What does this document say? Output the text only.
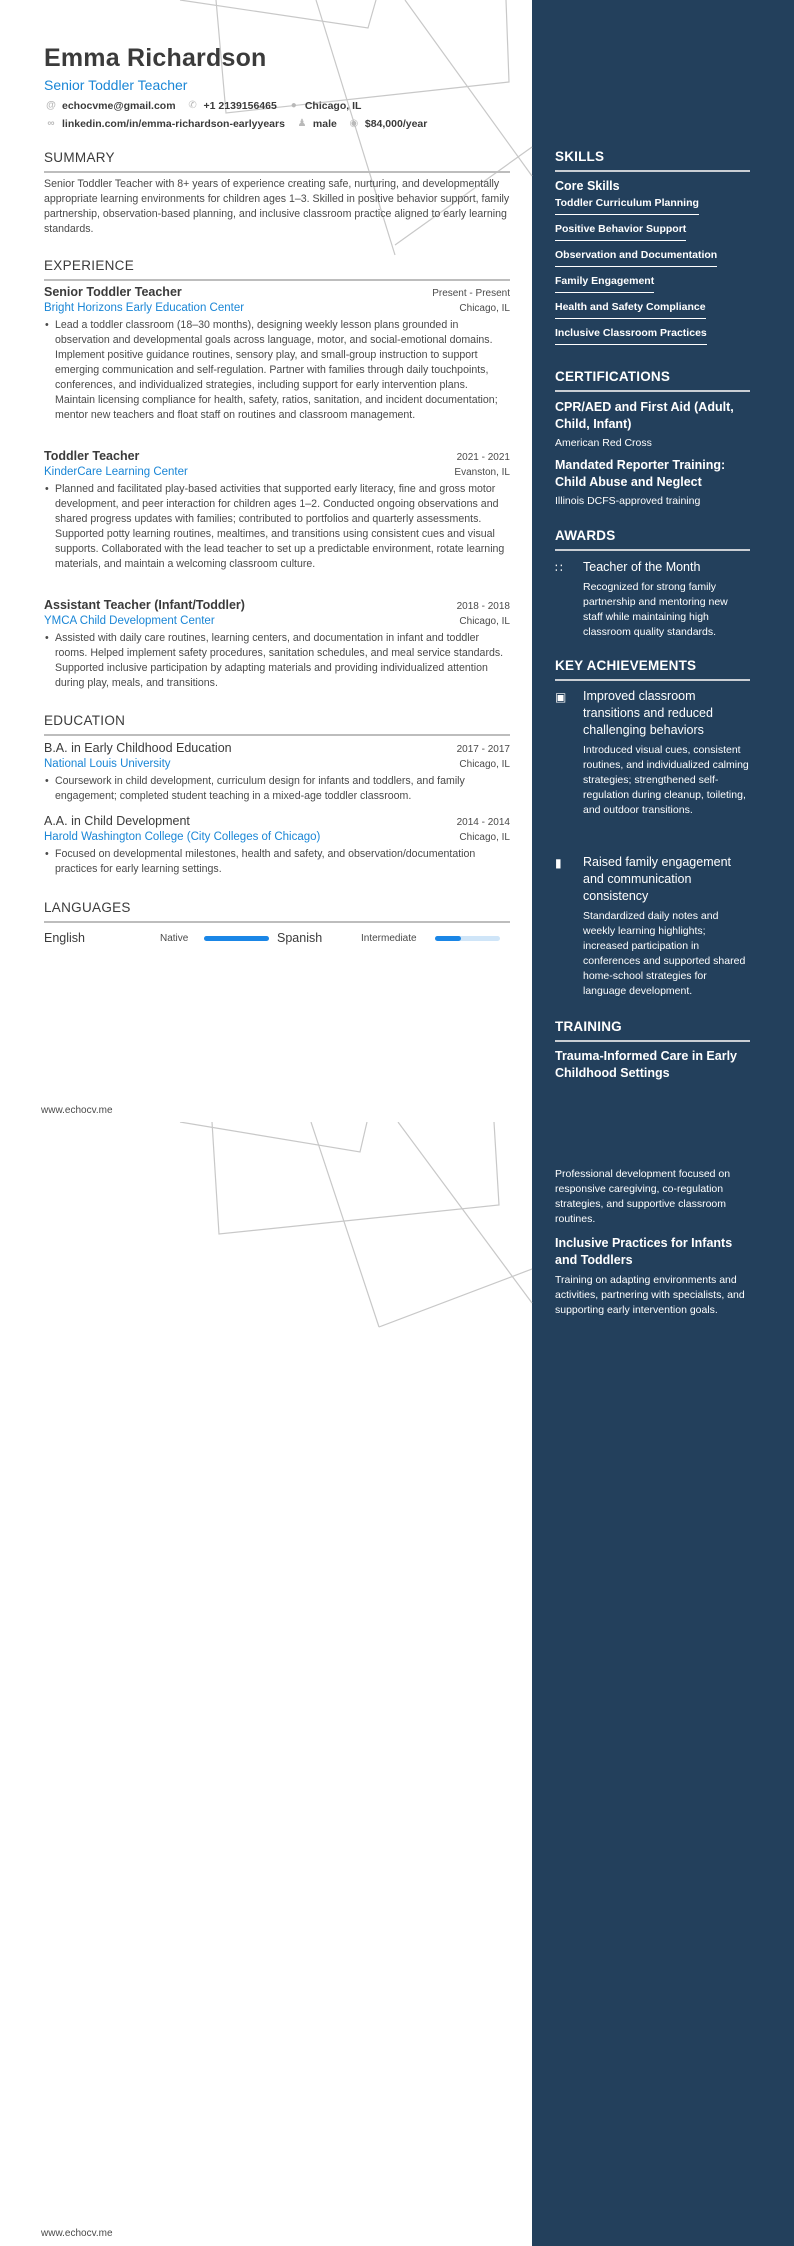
Emma Richardson
Senior Toddler Teacher
@ echocvme@gmail.com ✆ +1 2139156465 ● Chicago, IL
∞ linkedin.com/in/emma-richardson-earlyyears ♟ male ◉ $84,000/year
SUMMARY
Senior Toddler Teacher with 8+ years of experience creating safe, nurturing, and developmentally appropriate learning environments for children ages 1–3. Skilled in positive behavior support, family partnership, observation-based planning, and inclusive classroom practice aligned to early learning standards.
EXPERIENCE
Senior Toddler Teacher	Present - Present
Bright Horizons Early Education Center	Chicago, IL
• Lead a toddler classroom (18–30 months), designing weekly lesson plans grounded in observation and developmental goals across language, motor, and social-emotional domains. Implement positive guidance routines, sensory play, and small-group instruction to support emerging communication and self-regulation. Partner with families through daily touchpoints, conferences, and individualized strategies, including support for early intervention plans. Maintain licensing compliance for health, safety, ratios, sanitation, and incident documentation; mentor new teachers and float staff on routines and classroom management.
Toddler Teacher	2021 - 2021
KinderCare Learning Center	Evanston, IL
• Planned and facilitated play-based activities that supported early literacy, fine and gross motor development, and peer interaction for children ages 1–2. Conducted ongoing observations and shared progress updates with families; contributed to portfolios and quarterly assessments. Supported potty learning routines, mealtimes, and transitions using consistent cues and visual supports. Collaborated with the lead teacher to set up a predictable environment, rotate learning materials, and maintain a welcoming classroom culture.
Assistant Teacher (Infant/Toddler)	2018 - 2018
YMCA Child Development Center	Chicago, IL
• Assisted with daily care routines, learning centers, and documentation in infant and toddler rooms. Helped implement safety procedures, sanitation schedules, and meal service standards. Supported inclusive participation by adapting materials and providing individualized attention during play, meals, and transitions.
EDUCATION
B.A. in Early Childhood Education	2017 - 2017
National Louis University	Chicago, IL
• Coursework in child development, curriculum design for infants and toddlers, and family engagement; completed student teaching in a mixed-age toddler classroom.
A.A. in Child Development	2014 - 2014
Harold Washington College (City Colleges of Chicago)	Chicago, IL
• Focused on developmental milestones, health and safety, and observation/documentation practices for early learning settings.
LANGUAGES
English	Native	Spanish	Intermediate
www.echocv.me
www.echocv.me
SKILLS
Core Skills
Toddler Curriculum Planning
Positive Behavior Support
Observation and Documentation
Family Engagement
Health and Safety Compliance
Inclusive Classroom Practices
CERTIFICATIONS
CPR/AED and First Aid (Adult, Child, Infant)
American Red Cross
Mandated Reporter Training: Child Abuse and Neglect
Illinois DCFS-approved training
AWARDS
∷	Teacher of the Month
Recognized for strong family partnership and mentoring new staff while maintaining high classroom quality standards.
KEY ACHIEVEMENTS
▣	Improved classroom transitions and reduced challenging behaviors
Introduced visual cues, consistent routines, and individualized calming strategies; strengthened self-regulation during cleanup, toileting, and outdoor transitions.
▮	Raised family engagement and communication consistency
Standardized daily notes and weekly learning highlights; increased participation in conferences and supported shared home-school strategies for language development.
TRAINING
Trauma-Informed Care in Early Childhood Settings
Professional development focused on responsive caregiving, co-regulation strategies, and supportive classroom routines.
Inclusive Practices for Infants and Toddlers
Training on adapting environments and activities, partnering with specialists, and supporting early intervention goals.
